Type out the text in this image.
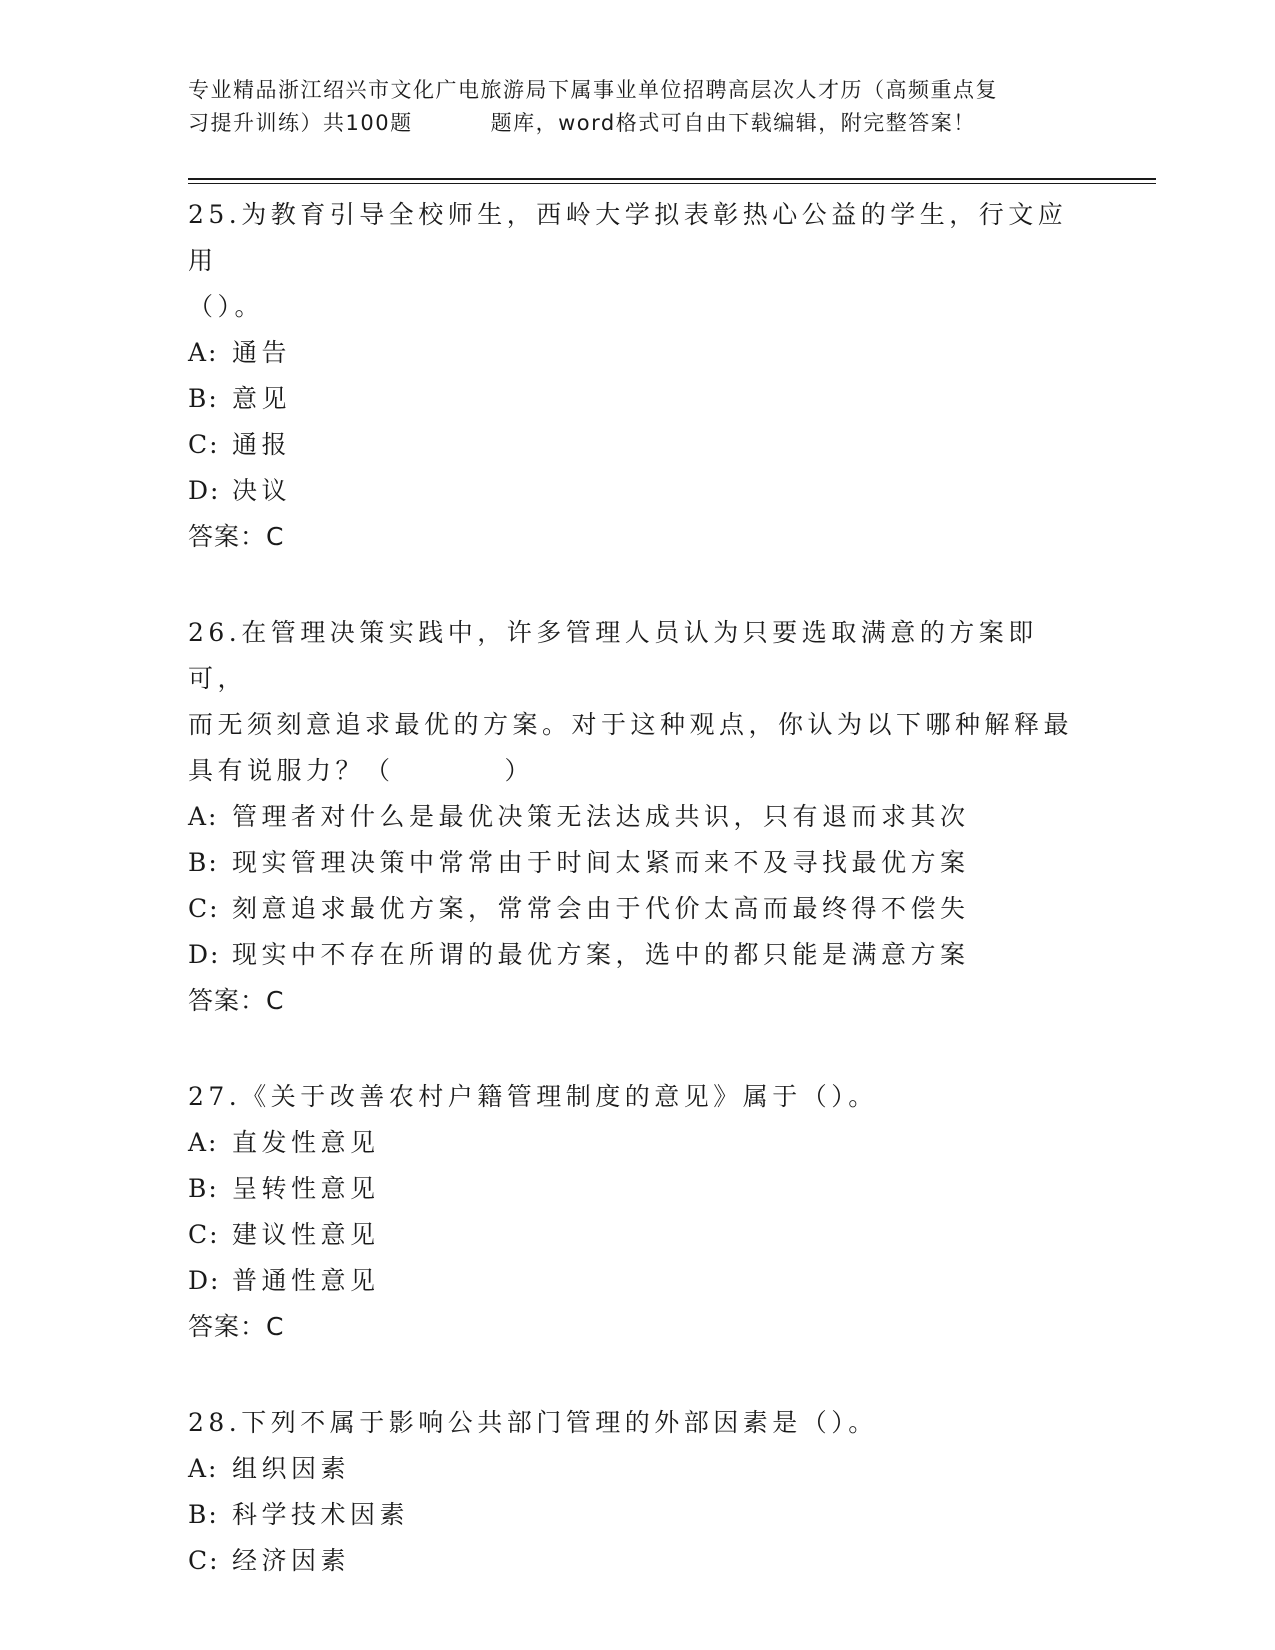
专业精品浙江绍兴市文化广电旅游局下属事业单位招聘高层次人才历（高频重点复
习提升训练）共100题	题库，word格式可自由下载编辑，附完整答案！
25.为教育引导全校师生，西岭大学拟表彰热心公益的学生，行文应用
（）。
A: 通告
B: 意见
C: 通报
D: 决议
答案：C
26.在管理决策实践中，许多管理人员认为只要选取满意的方案即可，
而无须刻意追求最优的方案。对于这种观点，你认为以下哪种解释最
具有说服力？（	）
A: 管理者对什么是最优决策无法达成共识，只有退而求其次
B: 现实管理决策中常常由于时间太紧而来不及寻找最优方案
C: 刻意追求最优方案，常常会由于代价太高而最终得不偿失
D: 现实中不存在所谓的最优方案，选中的都只能是满意方案
答案：C
27.《关于改善农村户籍管理制度的意见》属于（）。
A: 直发性意见
B: 呈转性意见
C: 建议性意见
D: 普通性意见
答案：C
28.下列不属于影响公共部门管理的外部因素是（）。
A: 组织因素
B: 科学技术因素
C: 经济因素
